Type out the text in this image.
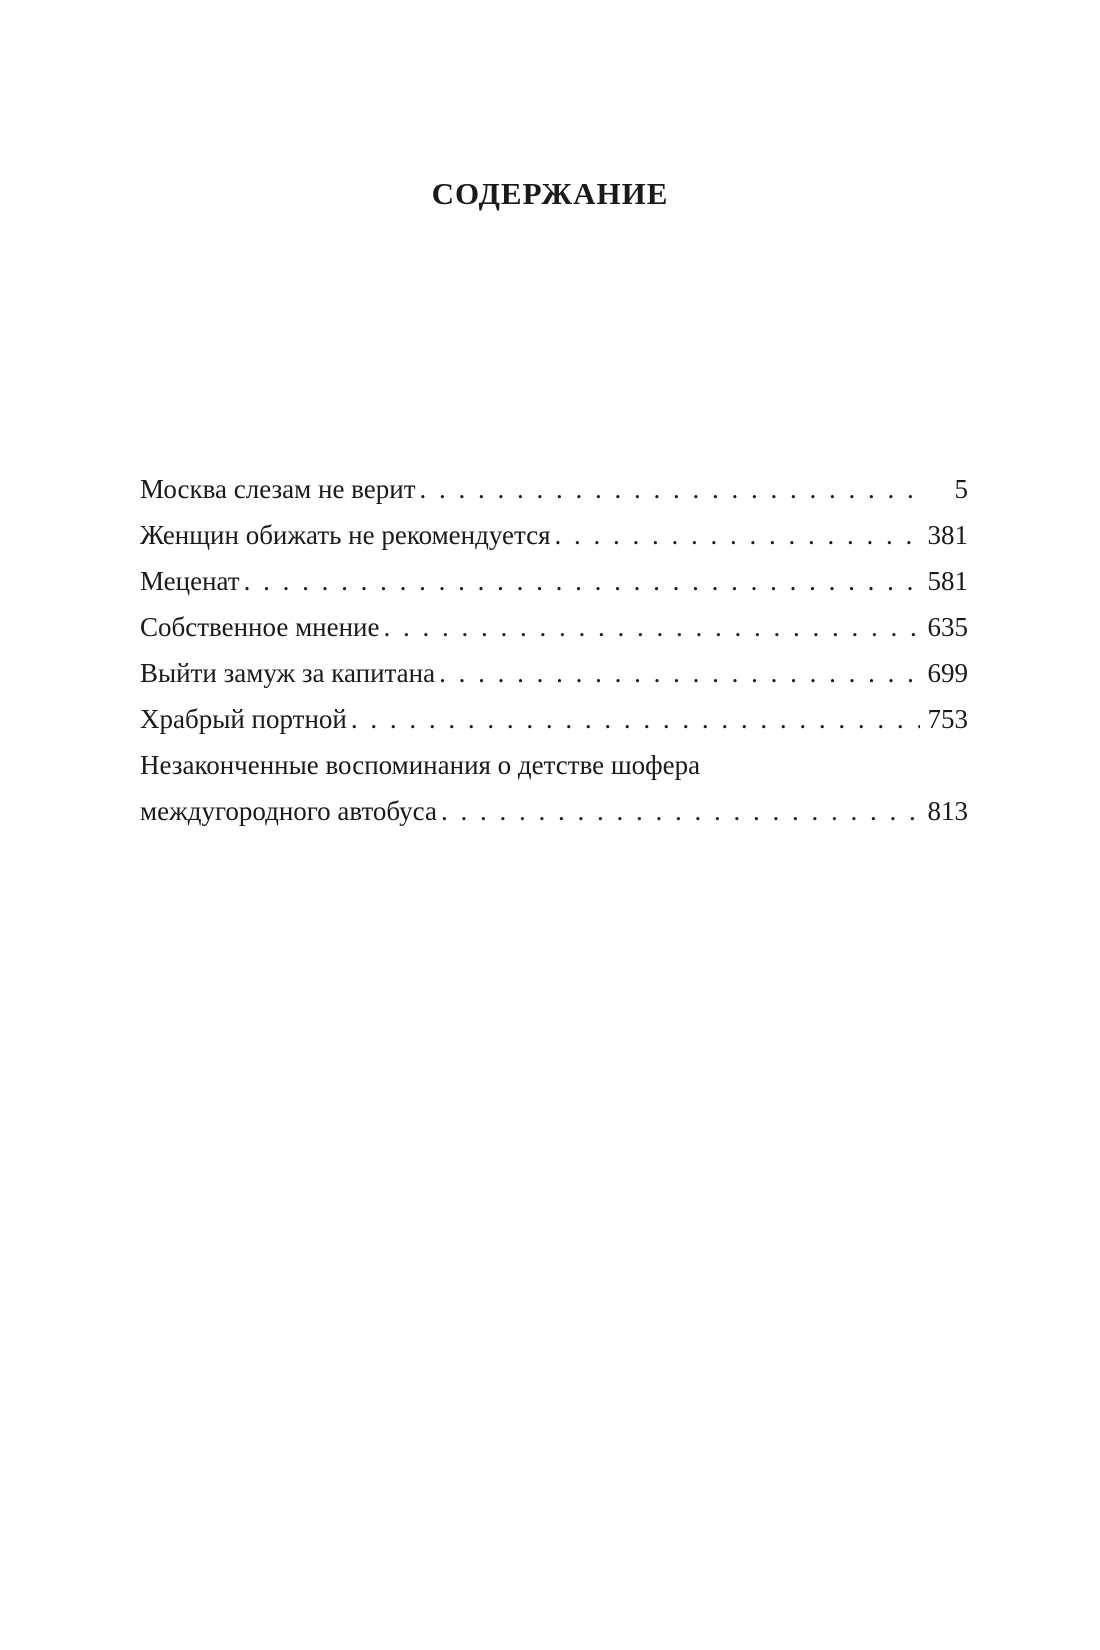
СОДЕРЖАНИЕ
Москва слезам не верит . . .	5
Женщин обижать не рекомендуется . . .	381
Меценат . . .	581
Собственное мнение . . .	635
Выйти замуж за капитана . . .	699
Храбрый портной . . .	753
Незаконченные воспоминания о детстве шофера
междугородного автобуса . . .	813
